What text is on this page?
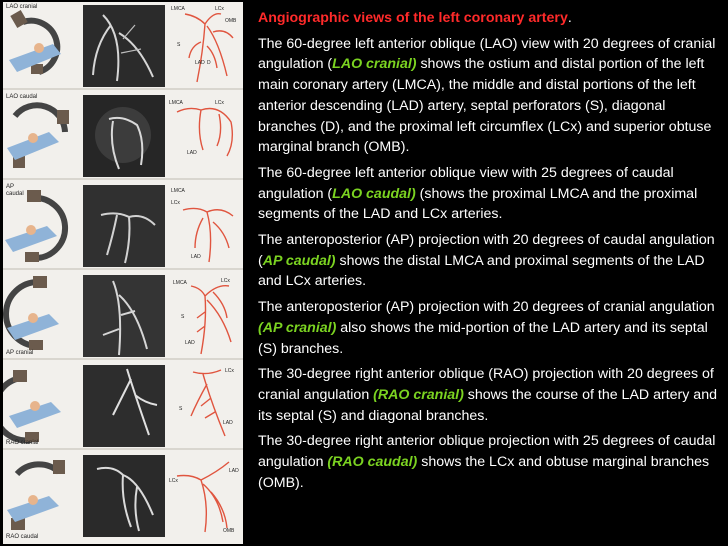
LAO cranial	LMCA	LCx
OMB
S
LAD D
LAO caudal
LMCA	LCx
LAD
AP
caudal	LMCA
LCx
LAD
AP cranial
LMCA	LCx
S
LAD
RAO cranial
LCx
S
LAD
RAO caudal
LAD
LCx
OMB

Angiographic views of the left coronary artery.

The 60-degree left anterior oblique (LAO) view with 20 degrees of cranial angulation (LAO cranial) shows the ostium and distal portion of the left main coronary artery (LMCA), the middle and distal portions of the left anterior descending (LAD) artery, septal perforators (S), diagonal branches (D), and the proximal left circumflex (LCx) and superior obtuse marginal branch (OMB).

The 60-degree left anterior oblique view with 25 degrees of caudal angulation (LAO caudal) (shows the proximal LMCA and the proximal segments of the LAD and LCx arteries.

The anteroposterior (AP) projection with 20 degrees of caudal angulation (AP caudal) shows the distal LMCA and proximal segments of the LAD and LCx arteries.

The anteroposterior (AP) projection with 20 degrees of cranial angulation (AP cranial) also shows the mid-portion of the LAD artery and its septal (S) branches.

The 30-degree right anterior oblique (RAO) projection with 20 degrees of cranial angulation (RAO cranial) shows the course of the LAD artery and its septal (S) and diagonal branches.

The 30-degree right anterior oblique projection with 25 degrees of caudal angulation (RAO caudal) shows the LCx and obtuse marginal branches (OMB).
